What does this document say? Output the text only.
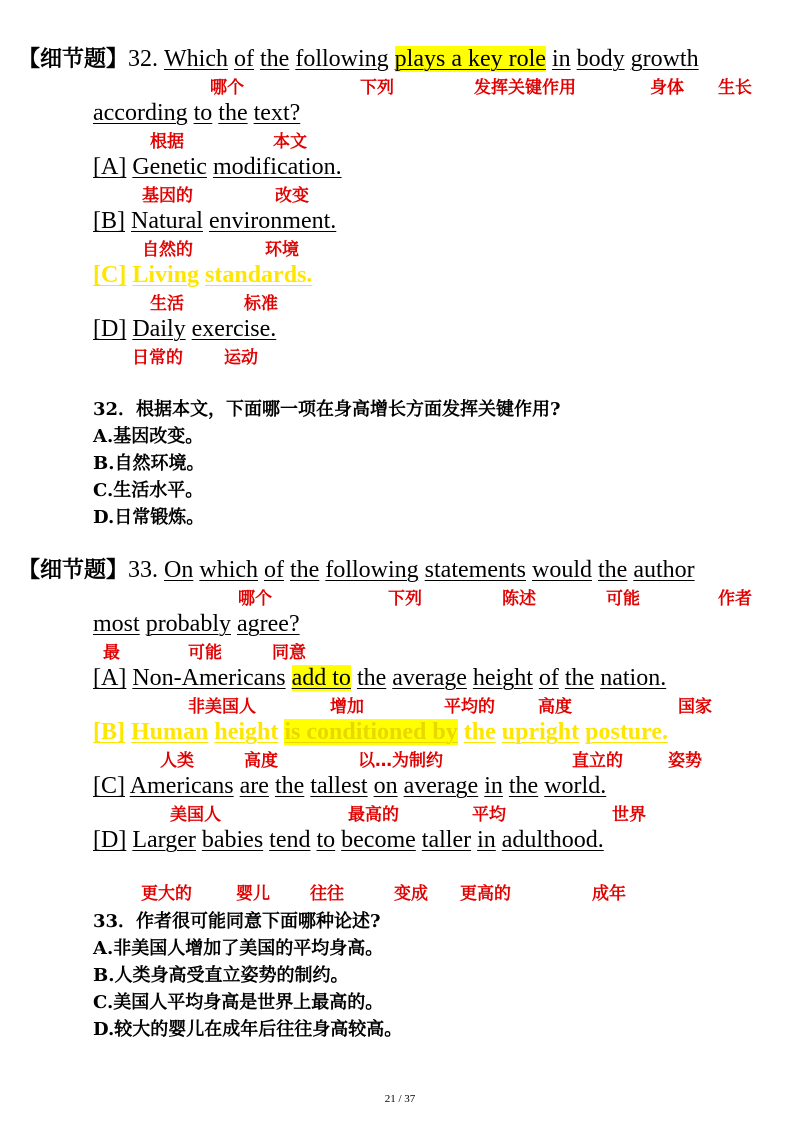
【细节题】32. Which of the following plays a key role in body growth
哪个	下列	发挥关键作用	身体 生长
according to the text?
根据	本文
[A] Genetic modification.
基因的	改变
[B] Natural environment.
自然的	环境
[C] Living standards.
生活	标准
[D] Daily exercise.
日常的 运动
32．根据本文，下面哪一项在身高增长方面发挥关键作用?
A.基因改变。
B.自然环境。
C.生活水平。
D.日常锻炼。
【细节题】33. On which of the following statements would the author
哪个	下列	陈述	可能	作者
most probably agree?
最	可能	同意
[A] Non-Americans add to the average height of the nation.
非美国人	增加	平均的	高度	国家
[B] Human height is conditioned by the upright posture.
人类	高度	以…为制约	直立的	姿势
[C] Americans are the tallest on average in the world.
美国人	最高的	平均	世界
[D] Larger babies tend to become taller in adulthood.
更大的	婴儿 往往	变成 更高的	成年
33．作者很可能同意下面哪种论述?
A.非美国人增加了美国的平均身高。
B.人类身高受直立姿势的制约。
C.美国人平均身高是世界上最高的。
D.较大的婴儿在成年后往往身高较高。
21 / 37
